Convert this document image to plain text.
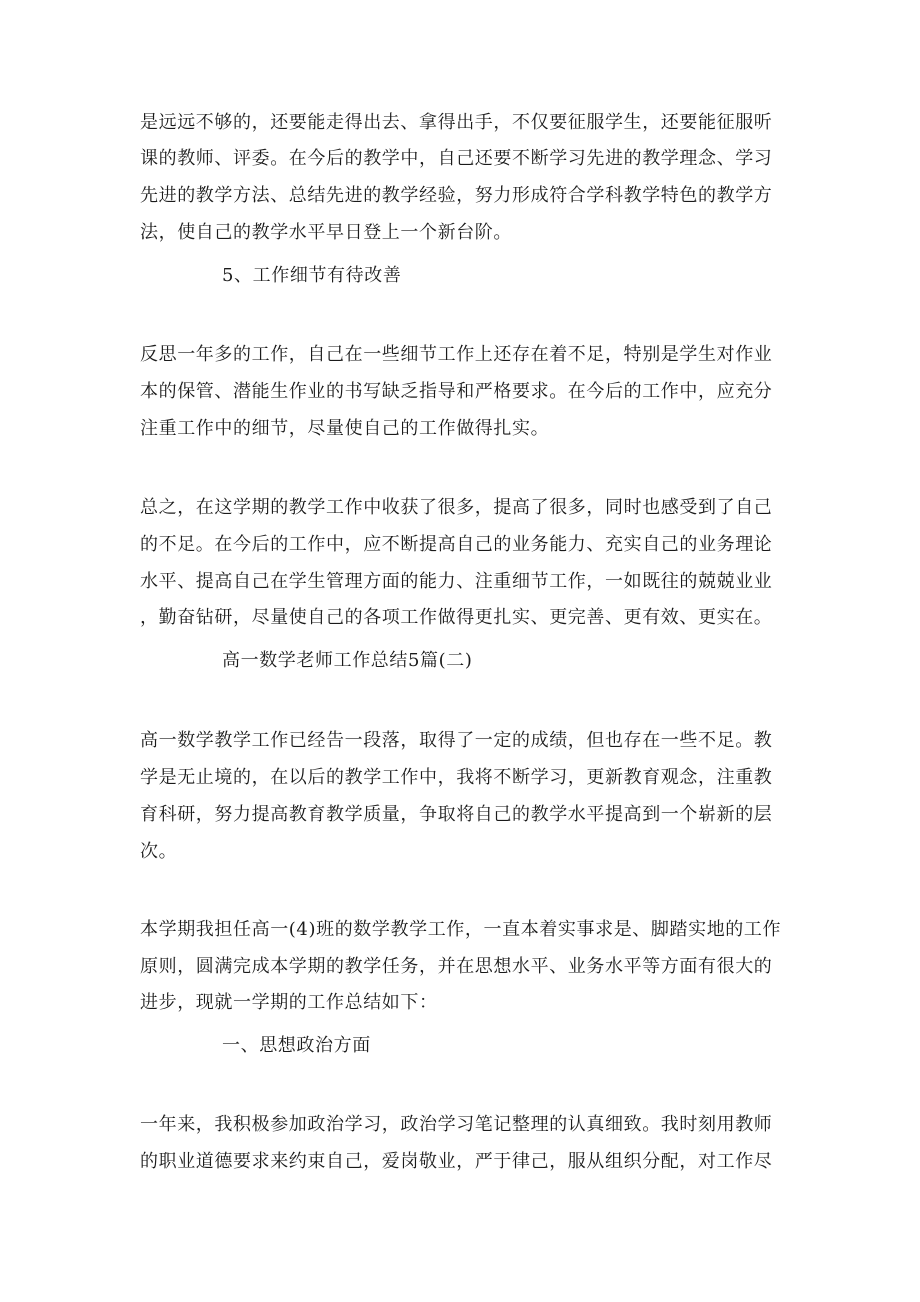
是远远不够的，还要能走得出去、拿得出手，不仅要征服学生，还要能征服听
课的教师、评委。在今后的教学中，自己还要不断学习先进的教学理念、学习
先进的教学方法、总结先进的教学经验，努力形成符合学科教学特色的教学方
法，使自己的教学水平早日登上一个新台阶。
5、工作细节有待改善
反思一年多的工作，自己在一些细节工作上还存在着不足，特别是学生对作业
本的保管、潜能生作业的书写缺乏指导和严格要求。在今后的工作中，应充分
注重工作中的细节，尽量使自己的工作做得扎实。
总之，在这学期的教学工作中收获了很多，提高了很多，同时也感受到了自己
的不足。在今后的工作中，应不断提高自己的业务能力、充实自己的业务理论
水平、提高自己在学生管理方面的能力、注重细节工作，一如既往的兢兢业业
，勤奋钻研，尽量使自己的各项工作做得更扎实、更完善、更有效、更实在。
高一数学老师工作总结5篇(二)
高一数学教学工作已经告一段落，取得了一定的成绩，但也存在一些不足。教
学是无止境的，在以后的教学工作中，我将不断学习，更新教育观念，注重教
育科研，努力提高教育教学质量，争取将自己的教学水平提高到一个崭新的层
次。
本学期我担任高一(4)班的数学教学工作，一直本着实事求是、脚踏实地的工作
原则，圆满完成本学期的教学任务，并在思想水平、业务水平等方面有很大的
进步，现就一学期的工作总结如下：
一、思想政治方面
一年来，我积极参加政治学习，政治学习笔记整理的认真细致。我时刻用教师
的职业道德要求来约束自己，爱岗敬业，严于律己，服从组织分配，对工作尽
